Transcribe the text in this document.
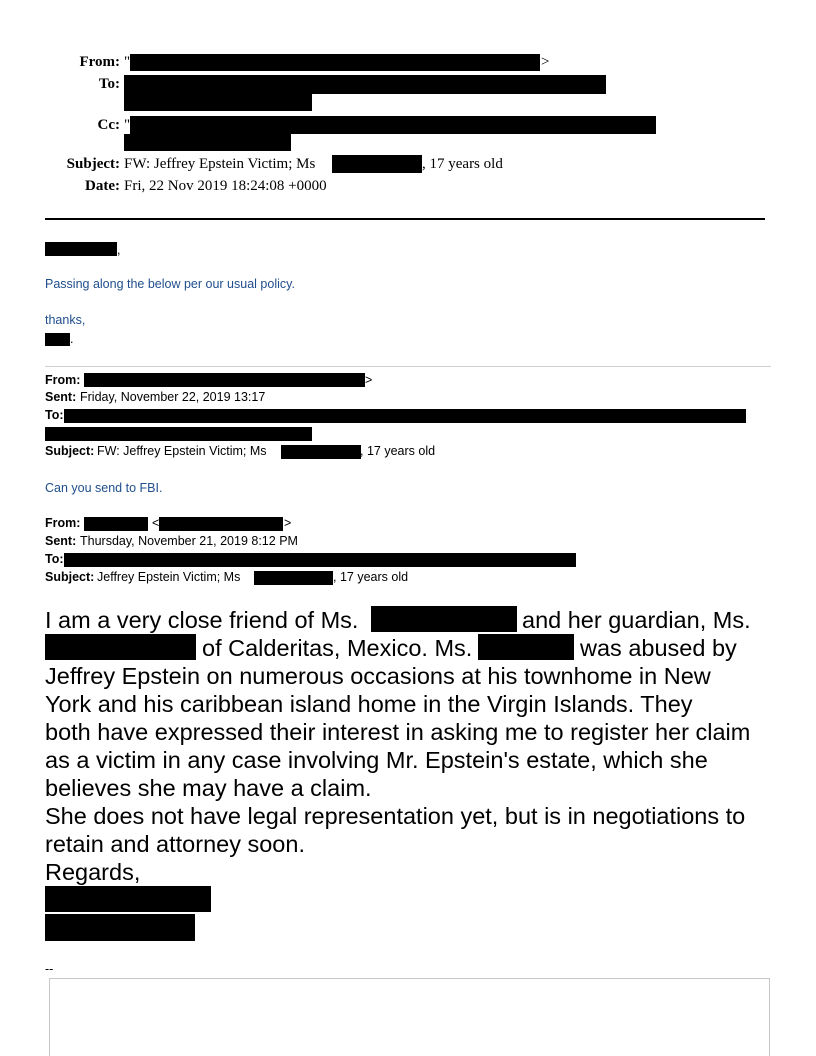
From: "	>
To:
Cc: "
Subject: FW: Jeffrey Epstein Victim; Ms	, 17 years old
Date: Fri, 22 Nov 2019 18:24:08 +0000
,
Passing along the below per our usual policy.
thanks,
.
From:	>
Sent: Friday, November 22, 2019 13:17
To:
Subject: FW: Jeffrey Epstein Victim; Ms	, 17 years old
Can you send to FBI.
From:	<	>
Sent: Thursday, November 21, 2019 8:12 PM
To:
Subject: Jeffrey Epstein Victim; Ms	, 17 years old
I am a very close friend of Ms.	and her guardian, Ms.
of Calderitas, Mexico. Ms.	was abused by
Jeffrey Epstein on numerous occasions at his townhome in New
York and his caribbean island home in the Virgin Islands. They
both have expressed their interest in asking me to register her claim
as a victim in any case involving Mr. Epstein's estate, which she
believes she may have a claim.
She does not have legal representation yet, but is in negotiations to
retain and attorney soon.
Regards,
--
